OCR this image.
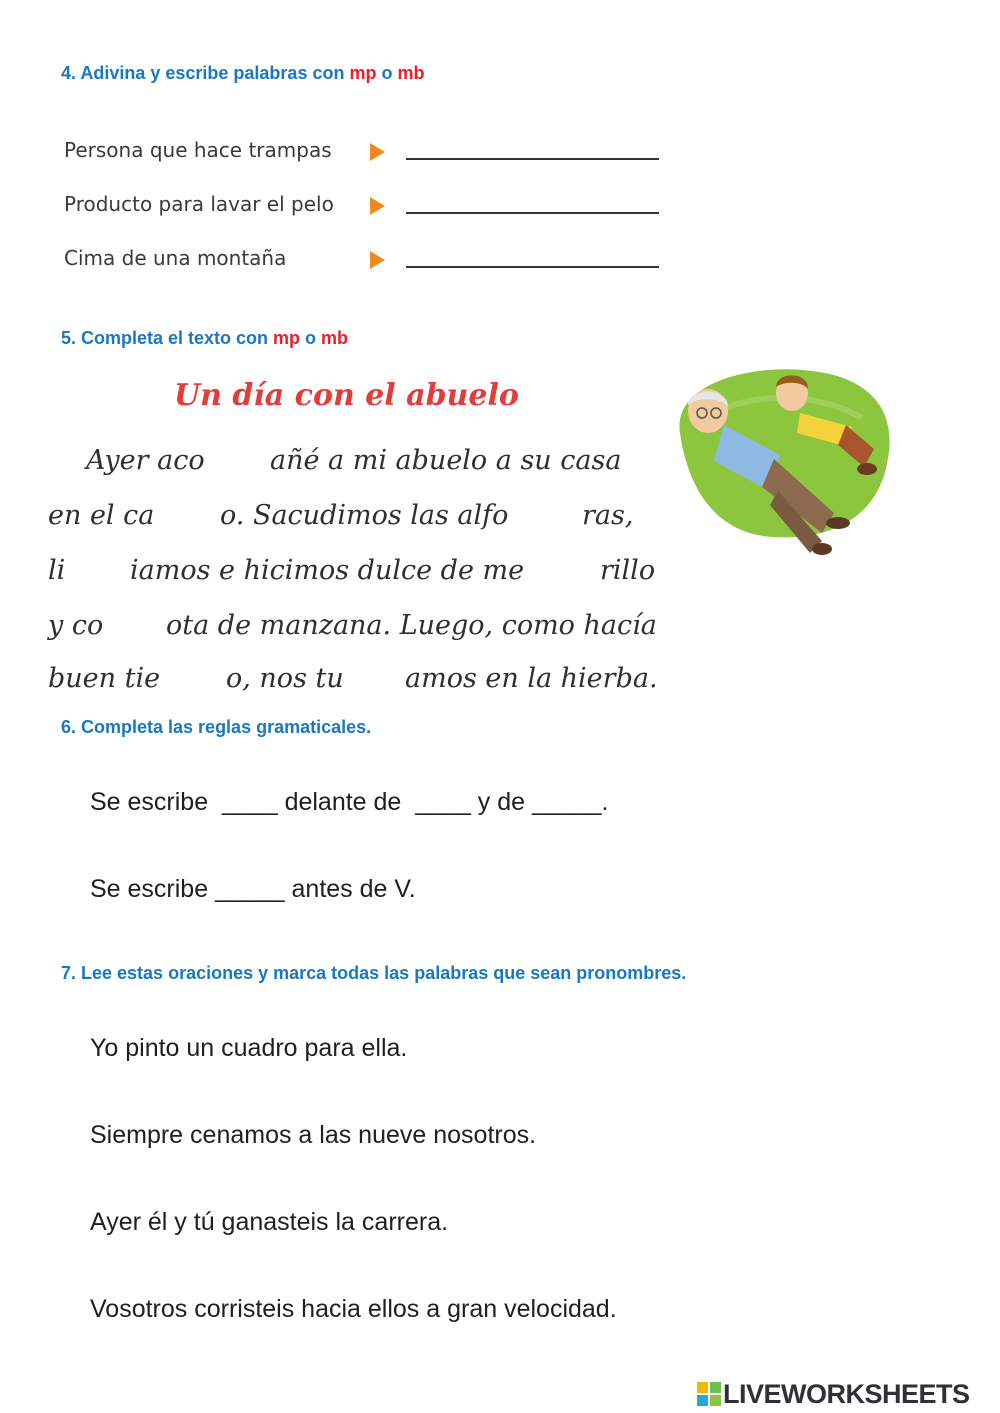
4. Adivina y escribe palabras con mp o mb
Persona que hace trampas
Producto para lavar el pelo
Cima de una montaña
5. Completa el texto con mp o mb
Un día con el abuelo
Ayer aco añé a mi abuelo a su casa
en el ca o. Sacudimos las alfo	ras,
li iamos e hicimos dulce de me	rillo
y co ota de manzana. Luego, como hacía
buen tie o, nos tu amos en la hierba.
6. Completa las reglas gramaticales.

Se escribe  ____ delante de  ____ y de _____.

Se escribe _____ antes de V.

7. Lee estas oraciones y marca todas las palabras que sean pronombres.

Yo pinto un cuadro para ella.

Siempre cenamos a las nueve nosotros.

Ayer él y tú ganasteis la carrera.

Vosotros corristeis hacia ellos a gran velocidad.

LIVEWORKSHEETS
